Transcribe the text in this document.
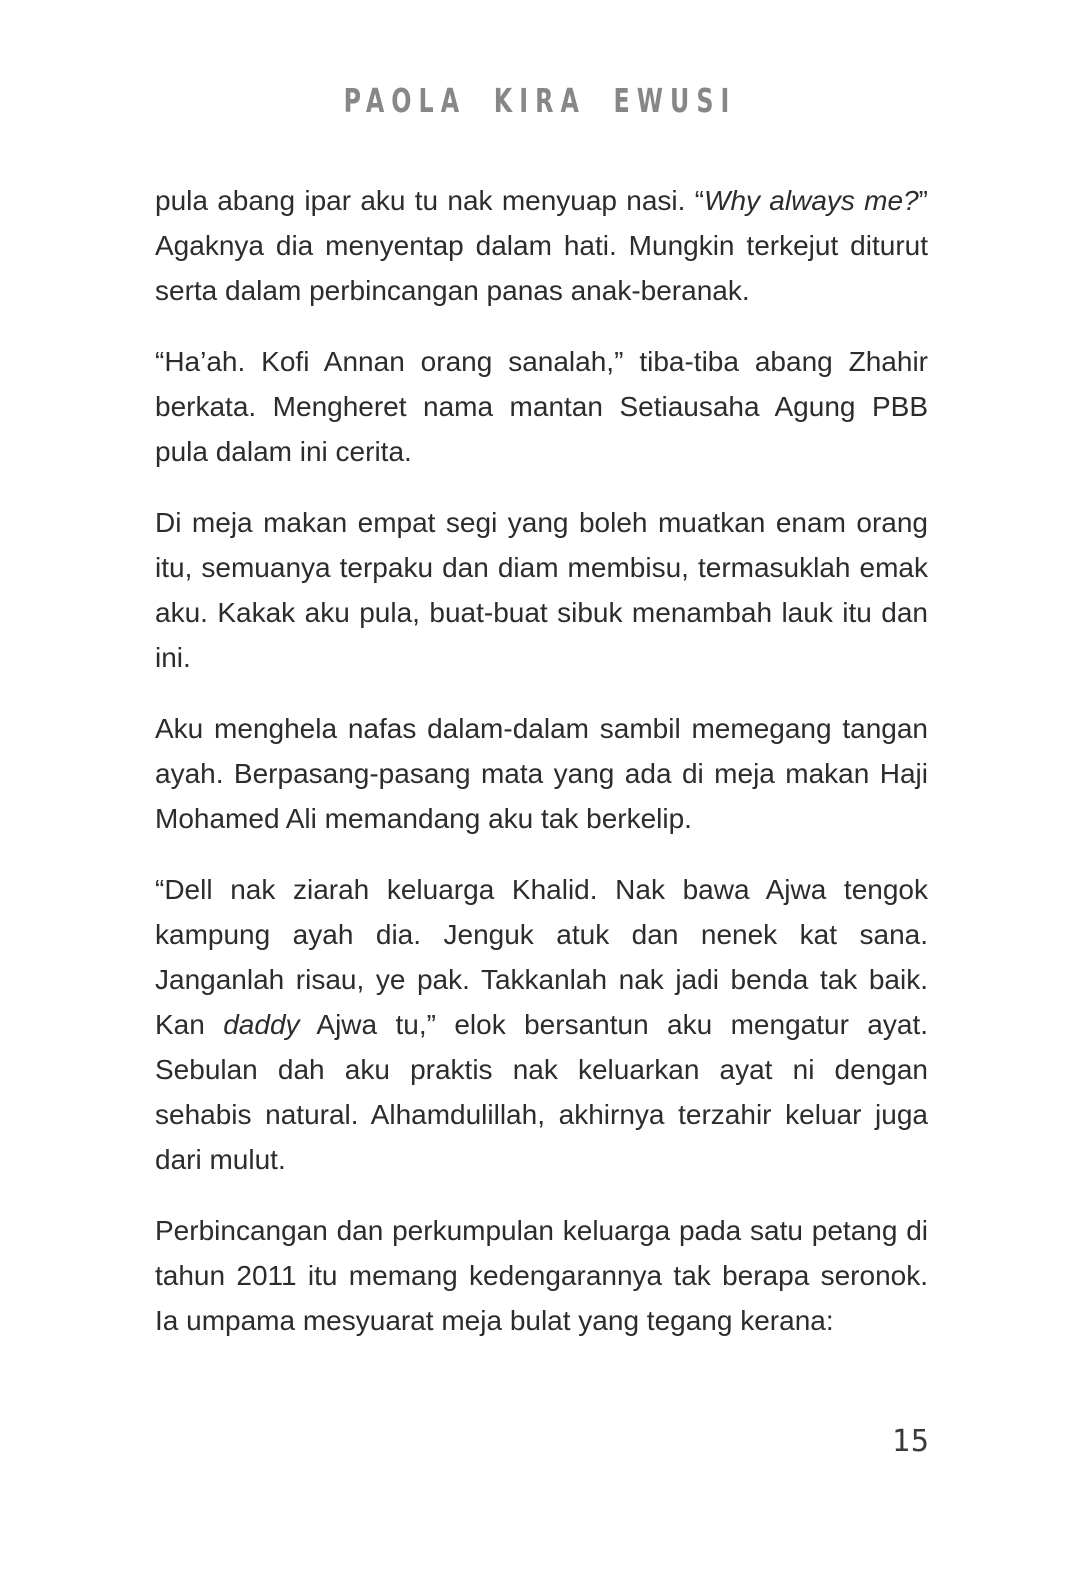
PAOLA KIRA EWUSI

pula abang ipar aku tu nak menyuap nasi. “Why always me?” Agaknya dia menyentap dalam hati. Mungkin terkejut diturut serta dalam perbincangan panas anak-beranak.

“Ha’ah. Kofi Annan orang sanalah,” tiba-tiba abang Zhahir berkata. Mengheret nama mantan Setiausaha Agung PBB pula dalam ini cerita.

Di meja makan empat segi yang boleh muatkan enam orang itu, semuanya terpaku dan diam membisu, termasuklah emak aku. Kakak aku pula, buat-buat sibuk menambah lauk itu dan ini.

Aku menghela nafas dalam-dalam sambil memegang tangan ayah. Berpasang-pasang mata yang ada di meja makan Haji Mohamed Ali memandang aku tak berkelip.

“Dell nak ziarah keluarga Khalid. Nak bawa Ajwa tengok kampung ayah dia. Jenguk atuk dan nenek kat sana. Janganlah risau, ye pak. Takkanlah nak jadi benda tak baik. Kan daddy Ajwa tu,” elok bersantun aku mengatur ayat. Sebulan dah aku praktis nak keluarkan ayat ni dengan sehabis natural. Alhamdulillah, akhirnya terzahir keluar juga dari mulut.

Perbincangan dan perkumpulan keluarga pada satu petang di tahun 2011 itu memang kedengarannya tak berapa seronok. Ia umpama mesyuarat meja bulat yang tegang kerana:

15
